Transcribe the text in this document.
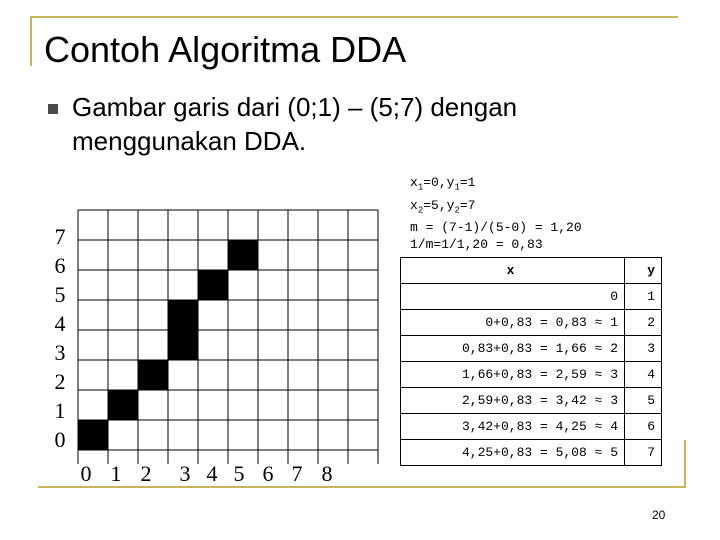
Contoh Algoritma DDA
Gambar garis dari (0;1) – (5;7) dengan menggunakan DDA.
$x_1=0,y_1=1$
$x_2=5,y_2=7$
m = (7-1)/(5-0) = 1,20
1/m=1/1,20 = 0,83
7
6
5
4
3
2
1
0
0 1 2 3 4 5 6 7 8
x	y
0	1
0+0,83 = 0,83 ≈ 1	2
0,83+0,83 = 1,66 ≈ 2	3
1,66+0,83 = 2,59 ≈ 3	4
2,59+0,83 = 3,42 ≈ 3	5
3,42+0,83 = 4,25 ≈ 4	6
4,25+0,83 = 5,08 ≈ 5	7
20
